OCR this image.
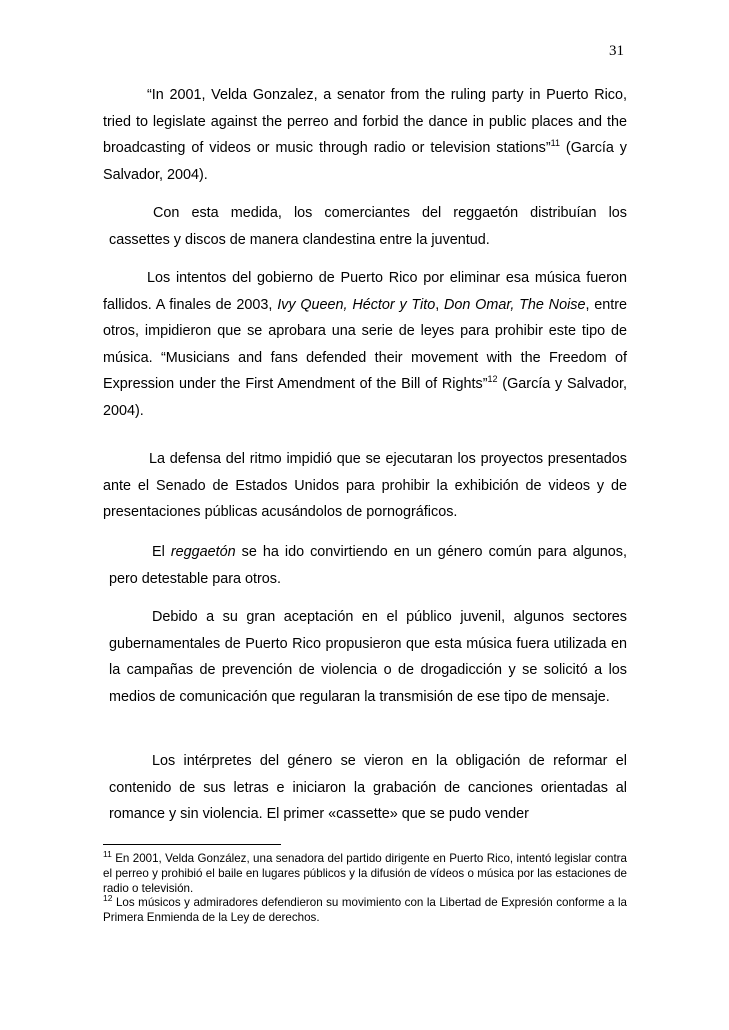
31

“In 2001, Velda Gonzalez, a senator from the ruling party in Puerto Rico, tried to legislate against the perreo and forbid the dance in public places and the broadcasting of videos or music through radio or television stations”$^{11}$ (García y Salvador, 2004).

Con esta medida, los comerciantes del reggaetón distribuían los cassettes y discos de manera clandestina entre la juventud.

Los intentos del gobierno de Puerto Rico por eliminar esa música fueron fallidos. A finales de 2003, Ivy Queen, Héctor y Tito, Don Omar, The Noise, entre otros, impidieron que se aprobara una serie de leyes para prohibir este tipo de música. “Musicians and fans defended their movement with the Freedom of Expression under the First Amendment of the Bill of Rights”$^{12}$ (García y Salvador, 2004).

La defensa del ritmo impidió que se ejecutaran los proyectos presentados ante el Senado de Estados Unidos para prohibir la exhibición de videos y de presentaciones públicas acusándolos de pornográficos.

El reggaetón se ha ido convirtiendo en un género común para algunos, pero detestable para otros.

Debido a su gran aceptación en el público juvenil, algunos sectores gubernamentales de Puerto Rico propusieron que esta música fuera utilizada en la campañas de prevención de violencia o de drogadicción y se solicitó a los medios de comunicación que regularan la transmisión de ese tipo de mensaje.

Los intérpretes del género se vieron en la obligación de reformar el contenido de sus letras e iniciaron la grabación de canciones orientadas al romance y sin violencia. El primer «cassette» que se pudo vender

$^{11}$ En 2001, Velda González, una senadora del partido dirigente en Puerto Rico, intentó legislar contra el perreo y prohibió el baile en lugares públicos y la difusión de vídeos o música por las estaciones de radio o televisión.

$^{12}$ Los músicos y admiradores defendieron su movimiento con la Libertad de Expresión conforme a la Primera Enmienda de la Ley de derechos.
